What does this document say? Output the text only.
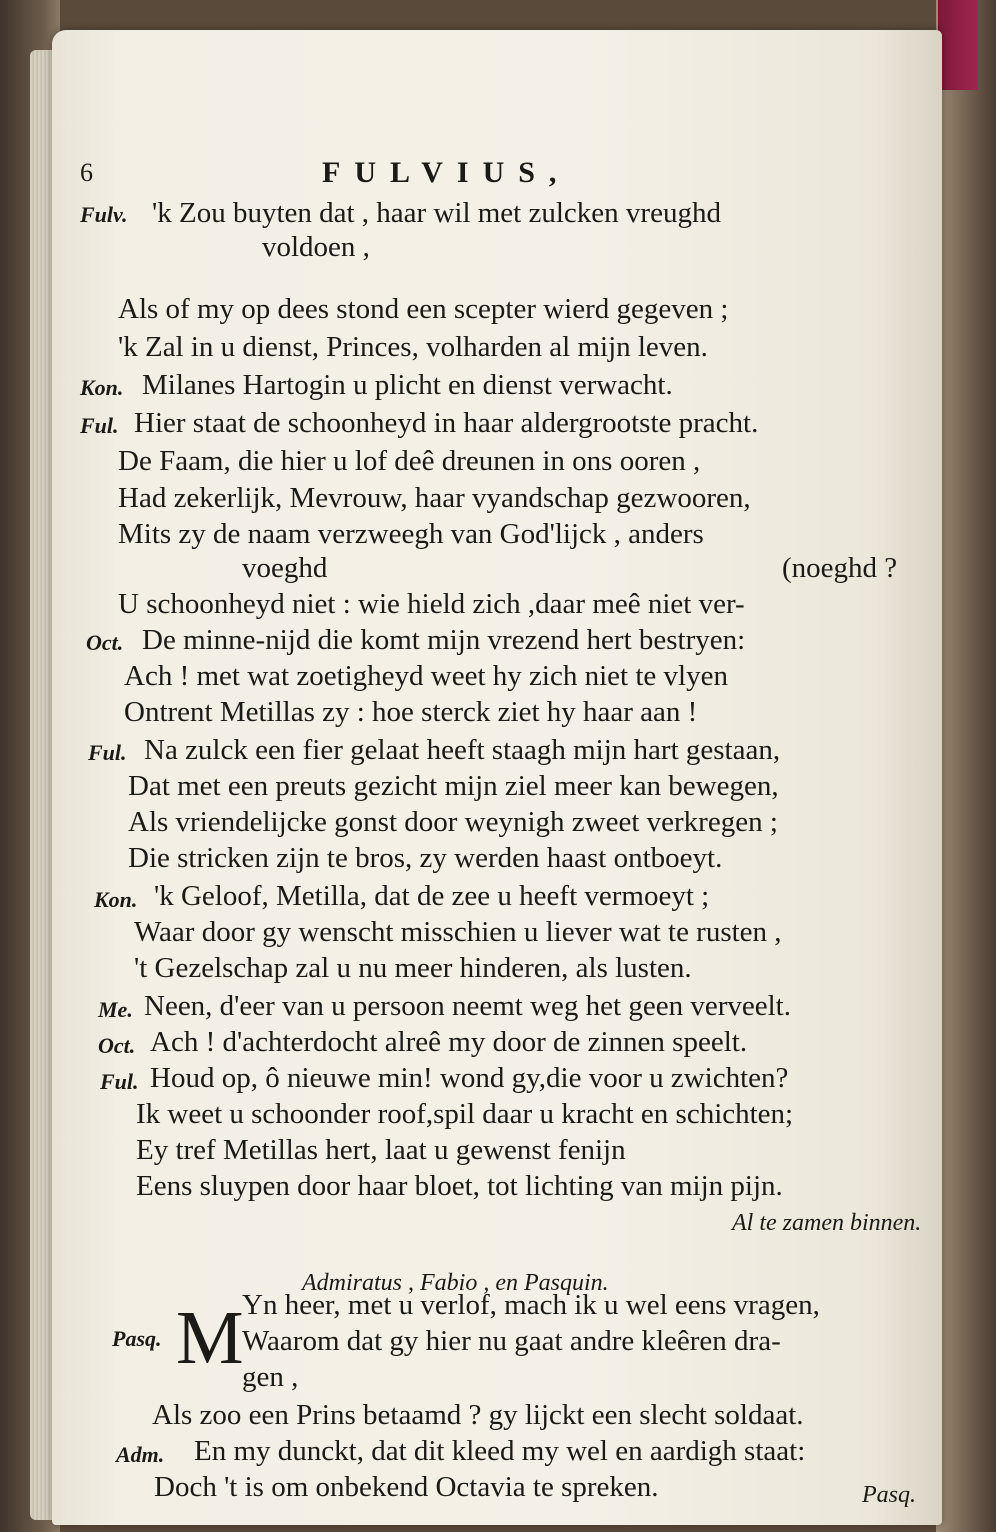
6	FULVIUS,
Fulv. 'k Zou buyten dat , haar wil met zulcken vreughd
voldoen ,
Als of my op dees stond een scepter wierd gegeven ;
'k Zal in u dienst, Princes, volharden al mijn leven.
Kon. Milanes Hartogin u plicht en dienst verwacht.
Ful. Hier staat de schoonheyd in haar aldergrootste pracht.
De Faam, die hier u lof deê dreunen in ons ooren ,
Had zekerlijk, Mevrouw, haar vyandschap gezwooren,
Mits zy de naam verzweegh van God'lijck , anders
voeghd	(noeghd ?
U schoonheyd niet : wie hield zich ,daar meê niet ver-
Oct. De minne-nijd die komt mijn vrezend hert bestryen:
Ach ! met wat zoetigheyd weet hy zich niet te vlyen
Ontrent Metillas zy : hoe sterck ziet hy haar aan !
Ful. Na zulck een fier gelaat heeft staagh mijn hart gestaan,
Dat met een preuts gezicht mijn ziel meer kan bewegen,
Als vriendelijcke gonst door weynigh zweet verkregen ;
Die stricken zijn te bros, zy werden haast ontboeyt.
Kon. 'k Geloof, Metilla, dat de zee u heeft vermoeyt ;
Waar door gy wenscht misschien u liever wat te rusten ,
't Gezelschap zal u nu meer hinderen, als lusten.
Me. Neen, d'eer van u persoon neemt weg het geen verveelt.
Oct. Ach ! d'achterdocht alreê my door de zinnen speelt.
Ful. Houd op, ô nieuwe min! wond gy,die voor u zwichten?
Ik weet u schoonder roof,spil daar u kracht en schichten;
Ey tref Metillas hert, laat u gewenst fenijn
Eens sluypen door haar bloet, tot lichting van mijn pijn.
Al te zamen binnen.
Admiratus , Fabio , en Pasquin.
Pasq. M
Yn heer, met u verlof, mach ik u wel eens vragen,
Waarom dat gy hier nu gaat andre kleêren dra-
gen ,
Als zoo een Prins betaamd ? gy lijckt een slecht soldaat.
Adm. En my dunckt, dat dit kleed my wel en aardigh staat:
Doch 't is om onbekend Octavia te spreken.	Pasq.
